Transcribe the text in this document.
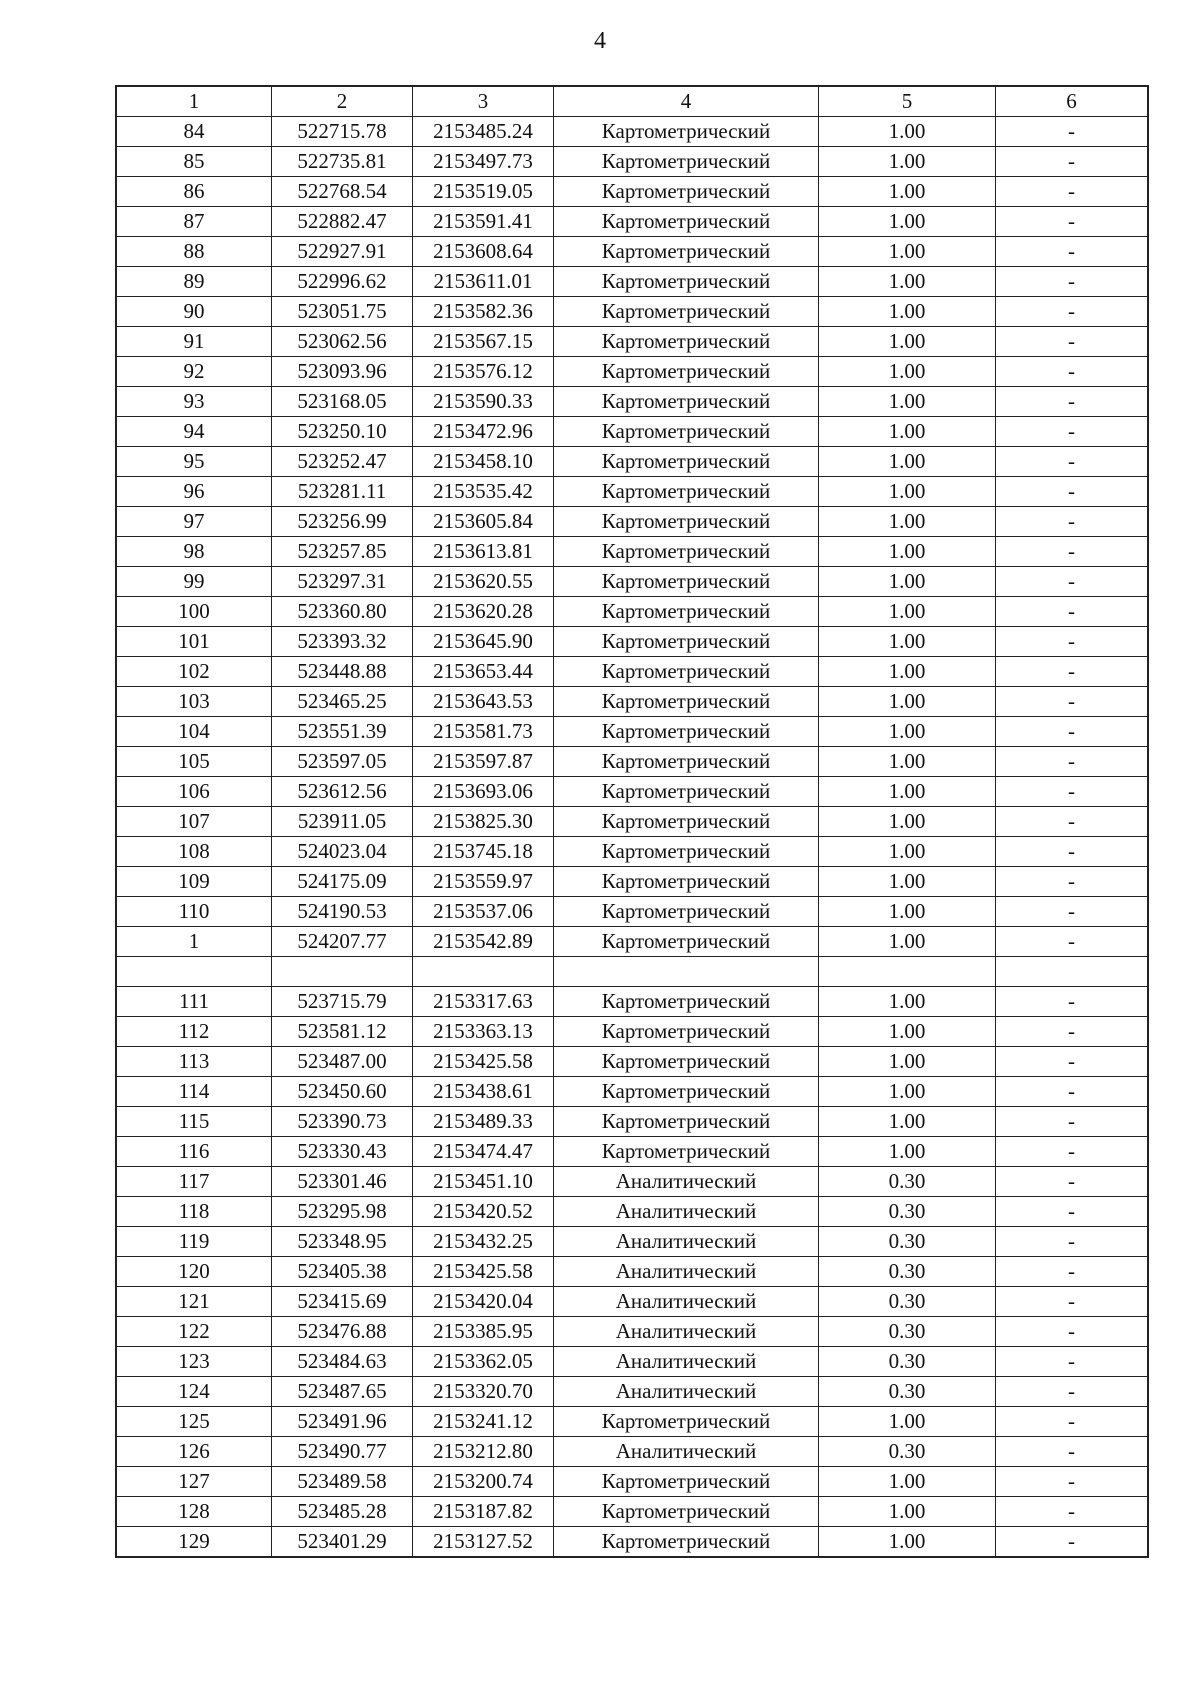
4
1	2	3	4	5	6
84	522715.78	2153485.24	Картометрический	1.00	-
85	522735.81	2153497.73	Картометрический	1.00	-
86	522768.54	2153519.05	Картометрический	1.00	-
87	522882.47	2153591.41	Картометрический	1.00	-
88	522927.91	2153608.64	Картометрический	1.00	-
89	522996.62	2153611.01	Картометрический	1.00	-
90	523051.75	2153582.36	Картометрический	1.00	-
91	523062.56	2153567.15	Картометрический	1.00	-
92	523093.96	2153576.12	Картометрический	1.00	-
93	523168.05	2153590.33	Картометрический	1.00	-
94	523250.10	2153472.96	Картометрический	1.00	-
95	523252.47	2153458.10	Картометрический	1.00	-
96	523281.11	2153535.42	Картометрический	1.00	-
97	523256.99	2153605.84	Картометрический	1.00	-
98	523257.85	2153613.81	Картометрический	1.00	-
99	523297.31	2153620.55	Картометрический	1.00	-
100	523360.80	2153620.28	Картометрический	1.00	-
101	523393.32	2153645.90	Картометрический	1.00	-
102	523448.88	2153653.44	Картометрический	1.00	-
103	523465.25	2153643.53	Картометрический	1.00	-
104	523551.39	2153581.73	Картометрический	1.00	-
105	523597.05	2153597.87	Картометрический	1.00	-
106	523612.56	2153693.06	Картометрический	1.00	-
107	523911.05	2153825.30	Картометрический	1.00	-
108	524023.04	2153745.18	Картометрический	1.00	-
109	524175.09	2153559.97	Картометрический	1.00	-
110	524190.53	2153537.06	Картометрический	1.00	-
1	524207.77	2153542.89	Картометрический	1.00	-

111	523715.79	2153317.63	Картометрический	1.00	-
112	523581.12	2153363.13	Картометрический	1.00	-
113	523487.00	2153425.58	Картометрический	1.00	-
114	523450.60	2153438.61	Картометрический	1.00	-
115	523390.73	2153489.33	Картометрический	1.00	-
116	523330.43	2153474.47	Картометрический	1.00	-
117	523301.46	2153451.10	Аналитический	0.30	-
118	523295.98	2153420.52	Аналитический	0.30	-
119	523348.95	2153432.25	Аналитический	0.30	-
120	523405.38	2153425.58	Аналитический	0.30	-
121	523415.69	2153420.04	Аналитический	0.30	-
122	523476.88	2153385.95	Аналитический	0.30	-
123	523484.63	2153362.05	Аналитический	0.30	-
124	523487.65	2153320.70	Аналитический	0.30	-
125	523491.96	2153241.12	Картометрический	1.00	-
126	523490.77	2153212.80	Аналитический	0.30	-
127	523489.58	2153200.74	Картометрический	1.00	-
128	523485.28	2153187.82	Картометрический	1.00	-
129	523401.29	2153127.52	Картометрический	1.00	-
